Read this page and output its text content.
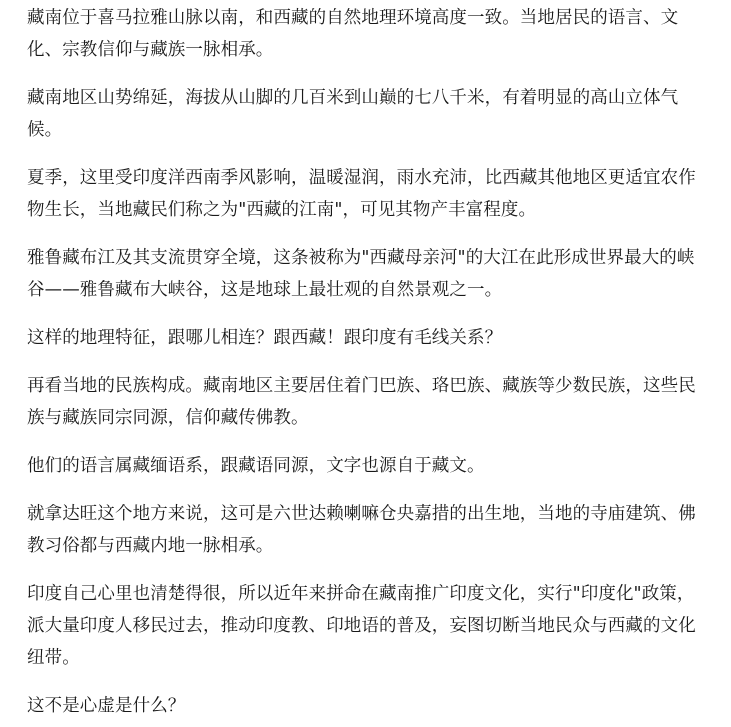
藏南位于喜马拉雅山脉以南，和西藏的自然地理环境高度一致。当地居民的语言、文化、宗教信仰与藏族一脉相承。

藏南地区山势绵延，海拔从山脚的几百米到山巅的七八千米，有着明显的高山立体气候。

夏季，这里受印度洋西南季风影响，温暖湿润，雨水充沛，比西藏其他地区更适宜农作物生长，当地藏民们称之为"西藏的江南"，可见其物产丰富程度。

雅鲁藏布江及其支流贯穿全境，这条被称为"西藏母亲河"的大江在此形成世界最大的峡谷——雅鲁藏布大峡谷，这是地球上最壮观的自然景观之一。

这样的地理特征，跟哪儿相连？跟西藏！跟印度有毛线关系？

再看当地的民族构成。藏南地区主要居住着门巴族、珞巴族、藏族等少数民族，这些民族与藏族同宗同源，信仰藏传佛教。

他们的语言属藏缅语系，跟藏语同源，文字也源自于藏文。

就拿达旺这个地方来说，这可是六世达赖喇嘛仓央嘉措的出生地，当地的寺庙建筑、佛教习俗都与西藏内地一脉相承。

印度自己心里也清楚得很，所以近年来拼命在藏南推广印度文化，实行"印度化"政策，派大量印度人移民过去，推动印度教、印地语的普及，妄图切断当地民众与西藏的文化纽带。

这不是心虚是什么？
